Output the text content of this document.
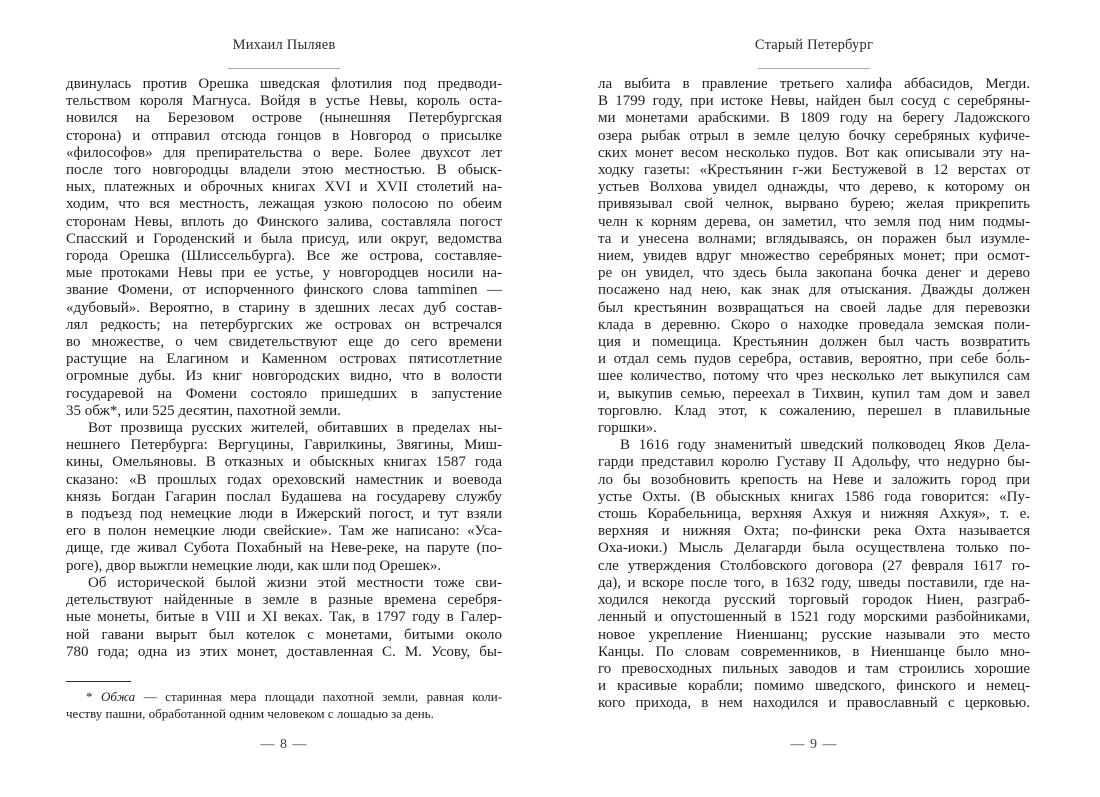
Михаил Пыляев
двинулась против Орешка шведская флотилия под предводи-
тельством короля Магнуса. Войдя в устье Невы, король оста-
новился на Березовом острове (нынешняя Петербургская
сторона) и отправил отсюда гонцов в Новгород о присылке
«философов» для препирательства о вере. Более двухсот лет
после того новгородцы владели этою местностью. В обыск-
ных, платежных и оброчных книгах XVI и XVII столетий на-
ходим, что вся местность, лежащая узкою полосою по обеим
сторонам Невы, вплоть до Финского залива, составляла погост
Спасский и Городенский и была присуд, или округ, ведомства
города Орешка (Шлиссельбурга). Все же острова, составляе-
мые протоками Невы при ее устье, у новгородцев носили на-
звание Фомени, от испорченного финского слова tamminen —
«дубовый». Вероятно, в старину в здешних лесах дуб состав-
лял редкость; на петербургских же островах он встречался
во множестве, о чем свидетельствуют еще до сего времени
растущие на Елагином и Каменном островах пятисотлетние
огромные дубы. Из книг новгородских видно, что в волости
государевой на Фомени состояло пришедших в запустение
35 обж*, или 525 десятин, пахотной земли.
Вот прозвища русских жителей, обитавших в пределах ны-
нешнего Петербурга: Вергуцины, Гаврилкины, Звягины, Миш-
кины, Омельяновы. В отказных и обыскных книгах 1587 года
сказано: «В прошлых годах ореховский наместник и воевода
князь Богдан Гагарин послал Будашева на государеву службу
в подъезд под немецкие люди в Ижерский погост, и тут взяли
его в полон немецкие люди свейские». Там же написано: «Уса-
дище, где живал Субота Похабный на Неве-реке, на паруте (по-
роге), двор выжгли немецкие люди, как шли под Орешек».
Об исторической былой жизни этой местности тоже сви-
детельствуют найденные в земле в разные времена серебря-
ные монеты, битые в VIII и XI веках. Так, в 1797 году в Галер-
ной гавани вырыт был котелок с монетами, битыми около
780 года; одна из этих монет, доставленная С. М. Усову, бы-
* Обжа — старинная мера площади пахотной земли, равная коли-
честву пашни, обработанной одним человеком с лошадью за день.
— 8 —
Старый Петербург
ла выбита в правление третьего халифа аббасидов, Мегди.
В 1799 году, при истоке Невы, найден был сосуд с серебряны-
ми монетами арабскими. В 1809 году на берегу Ладожского
озера рыбак отрыл в земле целую бочку серебряных куфиче-
ских монет весом несколько пудов. Вот как описывали эту на-
ходку газеты: «Крестьянин г-жи Бестужевой в 12 верстах от
устьев Волхова увидел однажды, что дерево, к которому он
привязывал свой челнок, вырвано бурею; желая прикрепить
челн к корням дерева, он заметил, что земля под ним подмы-
та и унесена волнами; вглядываясь, он поражен был изумле-
нием, увидев вдруг множество серебряных монет; при осмот-
ре он увидел, что здесь была закопана бочка денег и дерево
посажено над нею, как знак для отыскания. Дважды должен
был крестьянин возвращаться на своей ладье для перевозки
клада в деревню. Скоро о находке проведала земская поли-
ция и помещица. Крестьянин должен был часть возвратить
и отдал семь пудов серебра, оставив, вероятно, при себе бо́ль-
шее количество, потому что чрез несколько лет выкупился сам
и, выкупив семью, переехал в Тихвин, купил там дом и завел
торговлю. Клад этот, к сожалению, перешел в плавильные
горшки».
В 1616 году знаменитый шведский полководец Яков Дела-
гарди представил королю Густаву II Адольфу, что недурно бы-
ло бы возобновить крепость на Неве и заложить город при
устье Охты. (В обыскных книгах 1586 года говорится: «Пу-
стошь Корабельница, верхняя Ахкуя и нижняя Ахкуя», т. е.
верхняя и нижняя Охта; по-фински река Охта называется
Оха-иоки.) Мысль Делагарди была осуществлена только по-
сле утверждения Столбовского договора (27 февраля 1617 го-
да), и вскоре после того, в 1632 году, шведы поставили, где на-
ходился некогда русский торговый городок Ниен, разграб-
ленный и опустошенный в 1521 году морскими разбойниками,
новое укрепление Ниеншанц; русские называли это место
Канцы. По словам современников, в Ниеншанце было мно-
го превосходных пильных заводов и там строились хорошие
и красивые корабли; помимо шведского, финского и немец-
кого прихода, в нем находился и православный с церковью.
— 9 —
